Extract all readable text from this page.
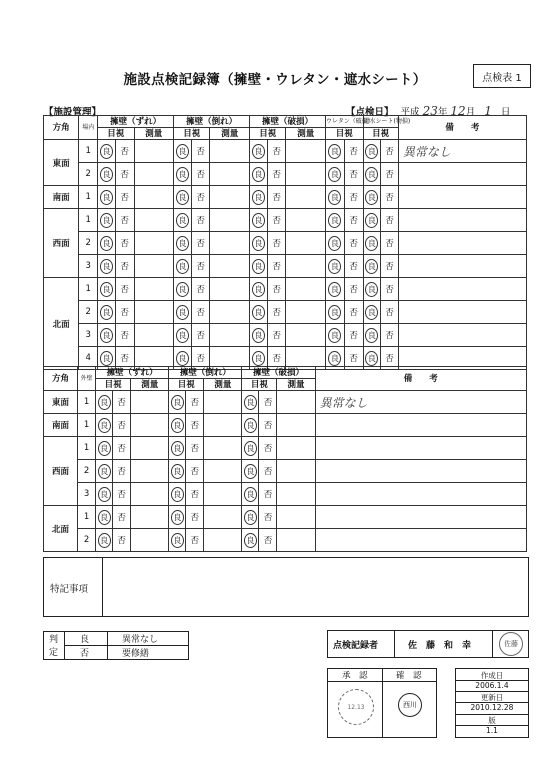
施設点検記録簿（擁壁・ウレタン・遮水シート）	点検表 1
【施設管理】	【点検日】 平成 23年 12月 1 日
方角	場内	擁壁（ずれ）			擁壁（倒れ）			擁壁（破損）			ウレタン（破損）		遮水シート(物損)		備　　考
		目視		測量	目視		測量	目視		測量	目視		目視		
東面	1	良	否		良	否		良	否		良	否	良	否	異常なし
	2	良	否		良	否		良	否		良	否	良	否	
南面	1	良	否		良	否		良	否		良	否	良	否	
西面	1	良	否		良	否		良	否		良	否	良	否	
	2	良	否		良	否		良	否		良	否	良	否	
	3	良	否		良	否		良	否		良	否	良	否	
北面	1	良	否		良	否		良	否		良	否	良	否	
	2	良	否		良	否		良	否		良	否	良	否	
	3	良	否		良	否		良	否		良	否	良	否	
	4	良	否		良	否		良	否		良	否	良	否	
方角	外壁	擁壁（ずれ）			擁壁（倒れ）			擁壁（破損）			備　　考
		目視		測量	目視		測量	目視		測量	
東面	1	良	否		良	否		良	否		異常なし
南面	1	良	否		良	否		良	否		
西面	1	良	否		良	否		良	否		
	2	良	否		良	否		良	否		
	3	良	否		良	否		良	否		
北面	1	良	否		良	否		良	否		
	2	良	否		良	否		良	否		
特記事項
判
定
良	異常なし
否	要修繕
点検記録者	佐　藤　和　幸	佐藤
承　認	確　認
12.13	西川
作成日
2006.1.4
更新日
2010.12.28
版
1.1
